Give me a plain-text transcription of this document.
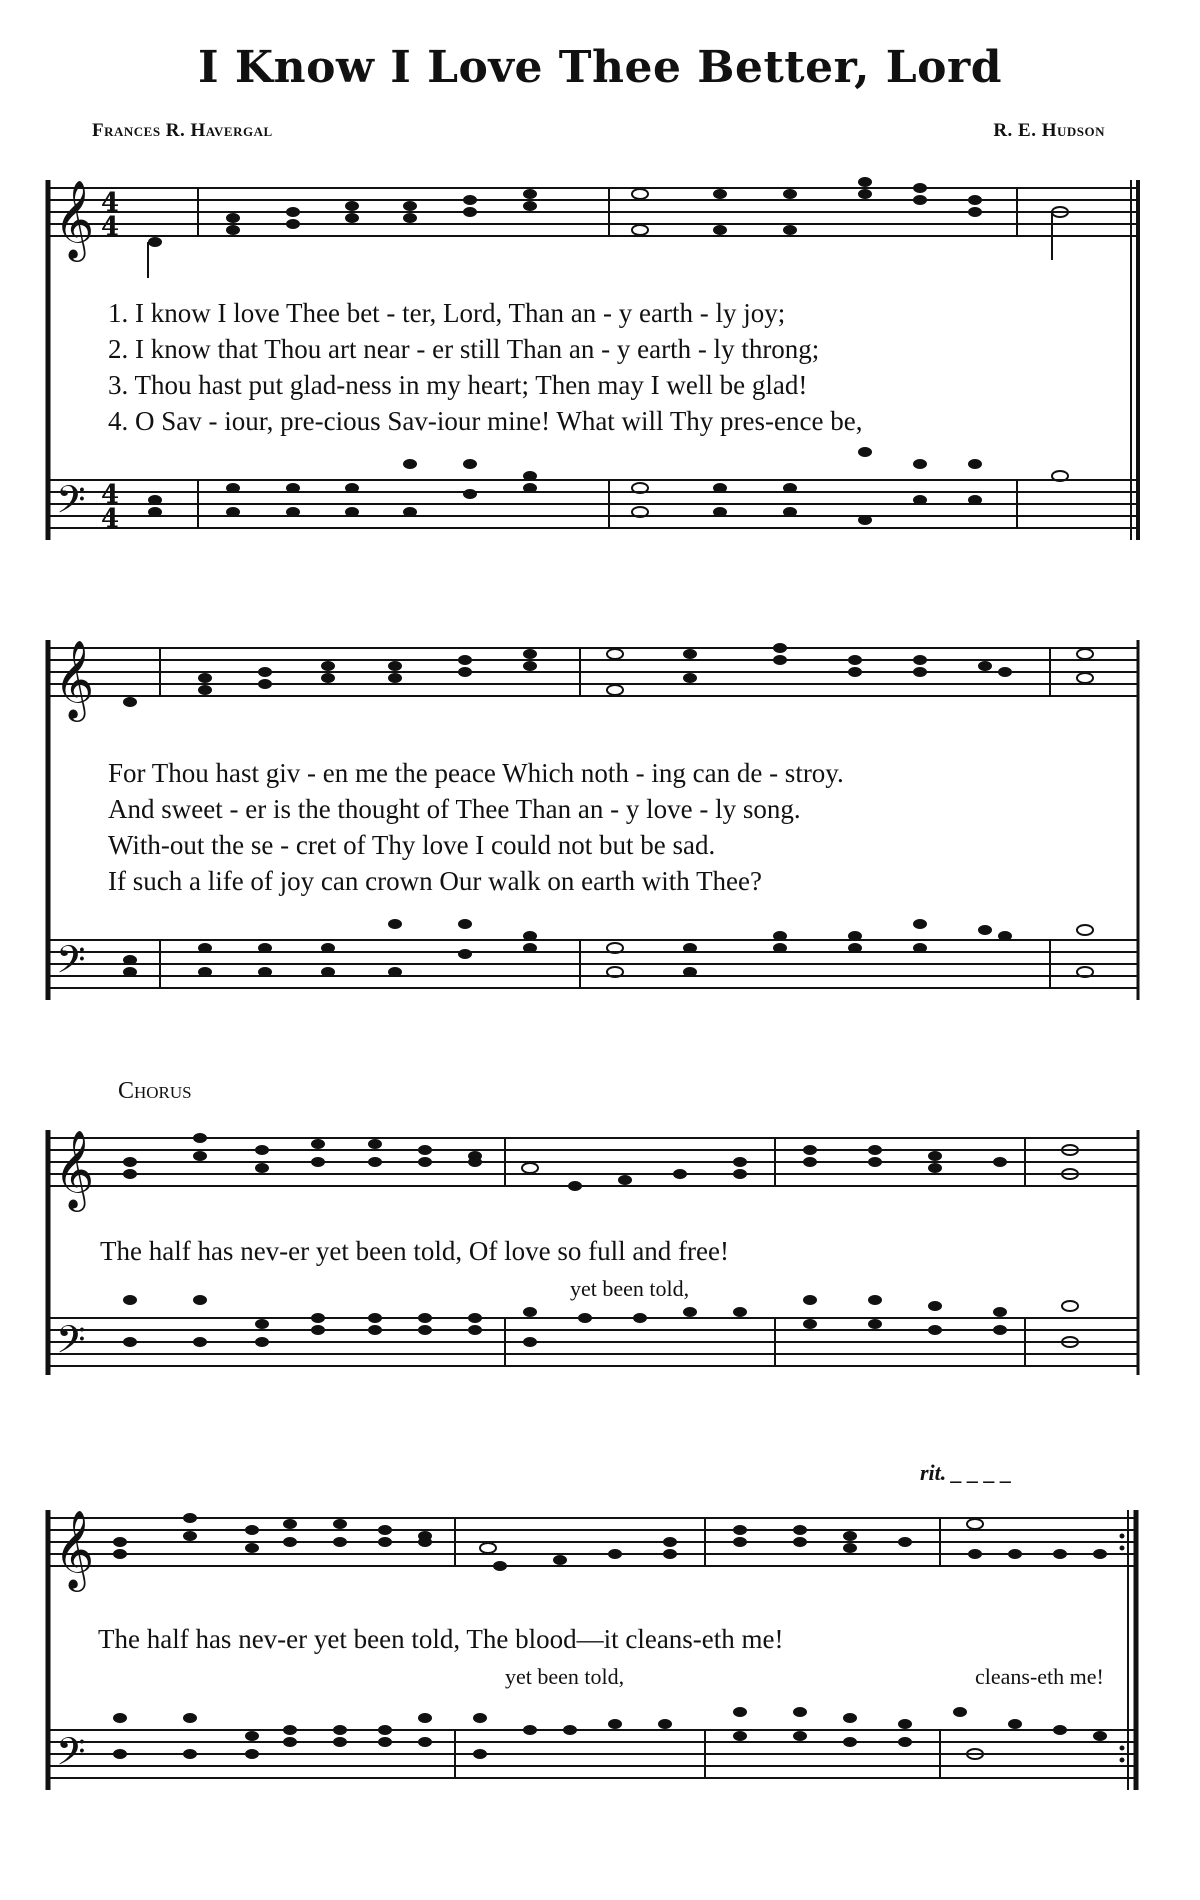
I Know I Love Thee Better, Lord
Frances R. Havergal	R. E. Hudson
𝄞
𝄢
4
4
4
4
1. I know I love Thee bet - ter, Lord, Than an - y earth - ly joy;
2. I know that Thou art near - er still Than an - y earth - ly throng;
3. Thou hast put glad-ness in my heart; Then may I well be glad!
4. O Sav - iour, pre-cious Sav-iour mine! What will Thy pres-ence be,
𝄞
𝄢
For Thou hast giv - en me the peace Which noth - ing can de - stroy.
And sweet - er is the thought of Thee Than an - y love - ly song.
With-out the se - cret of Thy love I could not but be sad.
If such a life of joy can crown Our walk on earth with Thee?
Chorus
𝄞
𝄢
The half has nev-er yet been told, Of love so full and free!
yet been told,
rit. _ _ _ _
𝄞
𝄢
The half has nev-er yet been told, The blood—it cleans-eth me!
yet been told,	cleans-eth me!
